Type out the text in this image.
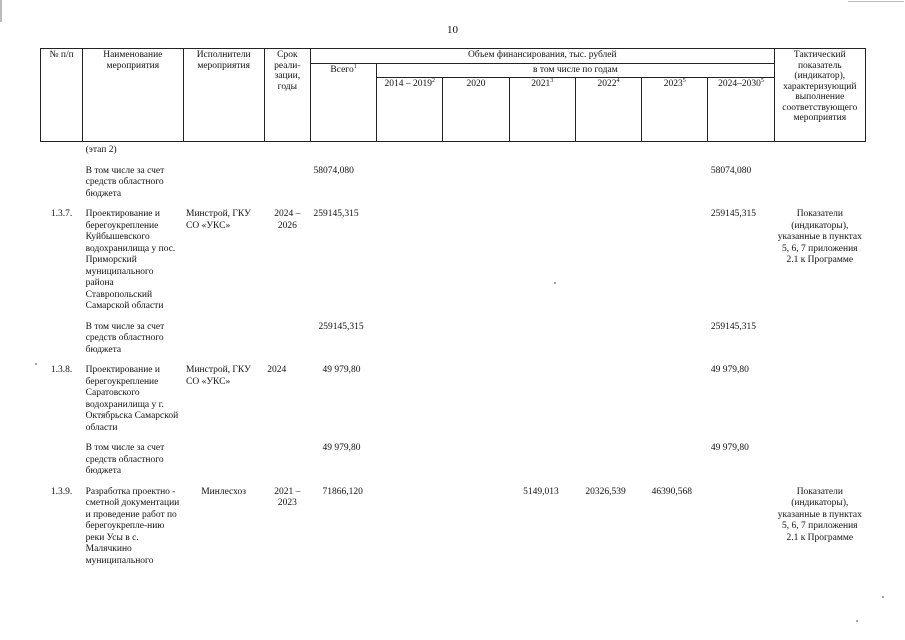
10
№ п/п	Наименование мероприятия	Исполнители мероприятия	Срок реали-зации, годы	Объем финансирования, тыс. рублей							Тактический показатель (индикатор), характеризующий выполнение соответствующего мероприятия
				Всего$^1$	в том числе по годам						
					2014 – 2019$^2$	2020	2021$^3$	2022$^4$	2023$^5$	2024–2030$^5$
	(этап 2)										
	В том числе за счет средств областного бюджета			58074,080						58074,080	
1.3.7.	Проектирование и берегоукрепление Куйбышевского водохранилища у пос. Приморский муниципального района Ставропольский Самарской области	Минстрой, ГКУ СО «УКС»	2024 – 2026	259145,315						259145,315	Показатели (индикаторы), указанные в пунктах 5, 6, 7 приложения 2.1 к Программе
	В том числе за счет средств областного бюджета			259145,315						259145,315	
1.3.8.	Проектирование и берегоукрепление Саратовского водохранилища у г. Октябрьска Самарской области	Минстрой, ГКУ СО «УКС»	2024	49 979,80						49 979,80	
	В том числе за счет средств областного бюджета			49 979,80						49 979,80	
1.3.9.	Разработка проектно - сметной документации и проведение работ по берегоукрепле-нию реки Усы в с. Малячкино муниципального	Минлесхоз	2021 – 2023	71866,120			5149,013	20326,539	46390,568		Показатели (индикаторы), указанные в пунктах 5, 6, 7 приложения 2.1 к Программе
